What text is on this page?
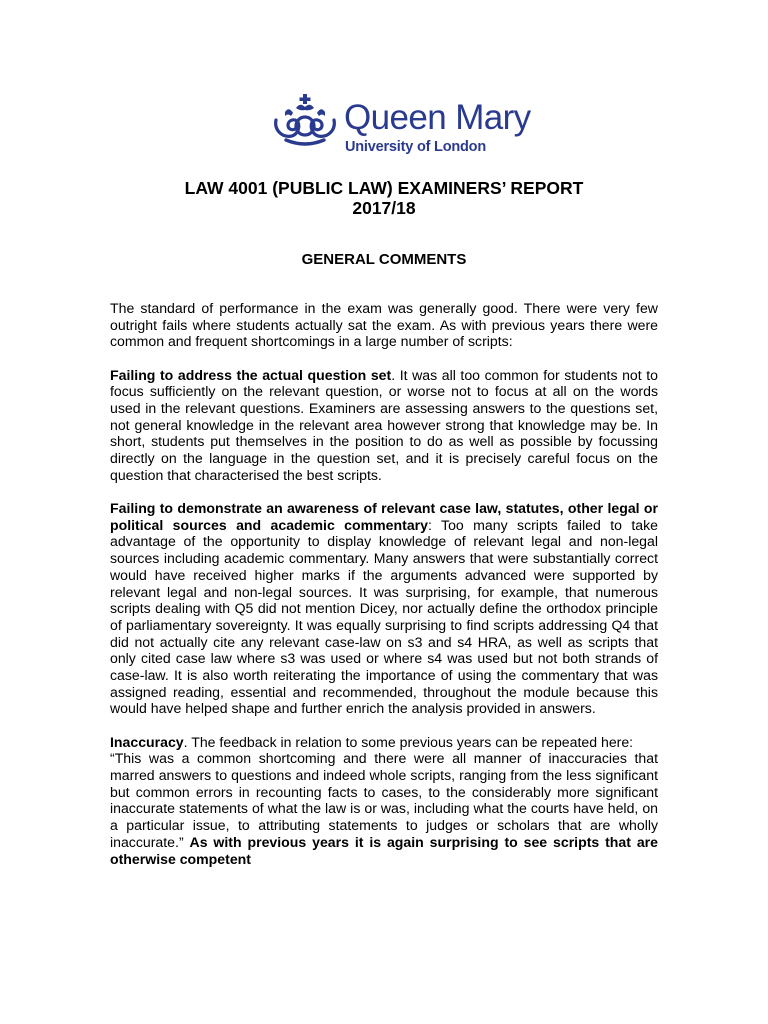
Queen Mary
University of London
LAW 4001 (PUBLIC LAW) EXAMINERS’ REPORT
2017/18
GENERAL COMMENTS

The standard of performance in the exam was generally good. There were very few outright fails where students actually sat the exam. As with previous years there were common and frequent shortcomings in a large number of scripts:

Failing to address the actual question set. It was all too common for students not to focus sufficiently on the relevant question, or worse not to focus at all on the words used in the relevant questions. Examiners are assessing answers to the questions set, not general knowledge in the relevant area however strong that knowledge may be. In short, students put themselves in the position to do as well as possible by focussing directly on the language in the question set, and it is precisely careful focus on the question that characterised the best scripts.

Failing to demonstrate an awareness of relevant case law, statutes, other legal or political sources and academic commentary: Too many scripts failed to take advantage of the opportunity to display knowledge of relevant legal and non-legal sources including academic commentary. Many answers that were substantially correct would have received higher marks if the arguments advanced were supported by relevant legal and non-legal sources. It was surprising, for example, that numerous scripts dealing with Q5 did not mention Dicey, nor actually define the orthodox principle of parliamentary sovereignty. It was equally surprising to find scripts addressing Q4 that did not actually cite any relevant case-law on s3 and s4 HRA, as well as scripts that only cited case law where s3 was used or where s4 was used but not both strands of case-law. It is also worth reiterating the importance of using the commentary that was assigned reading, essential and recommended, throughout the module because this would have helped shape and further enrich the analysis provided in answers.

Inaccuracy. The feedback in relation to some previous years can be repeated here:
“This was a common shortcoming and there were all manner of inaccuracies that marred answers to questions and indeed whole scripts, ranging from the less significant but common errors in recounting facts to cases, to the considerably more significant inaccurate statements of what the law is or was, including what the courts have held, on a particular issue, to attributing statements to judges or scholars that are wholly inaccurate.” As with previous years it is again surprising to see scripts that are otherwise competent
